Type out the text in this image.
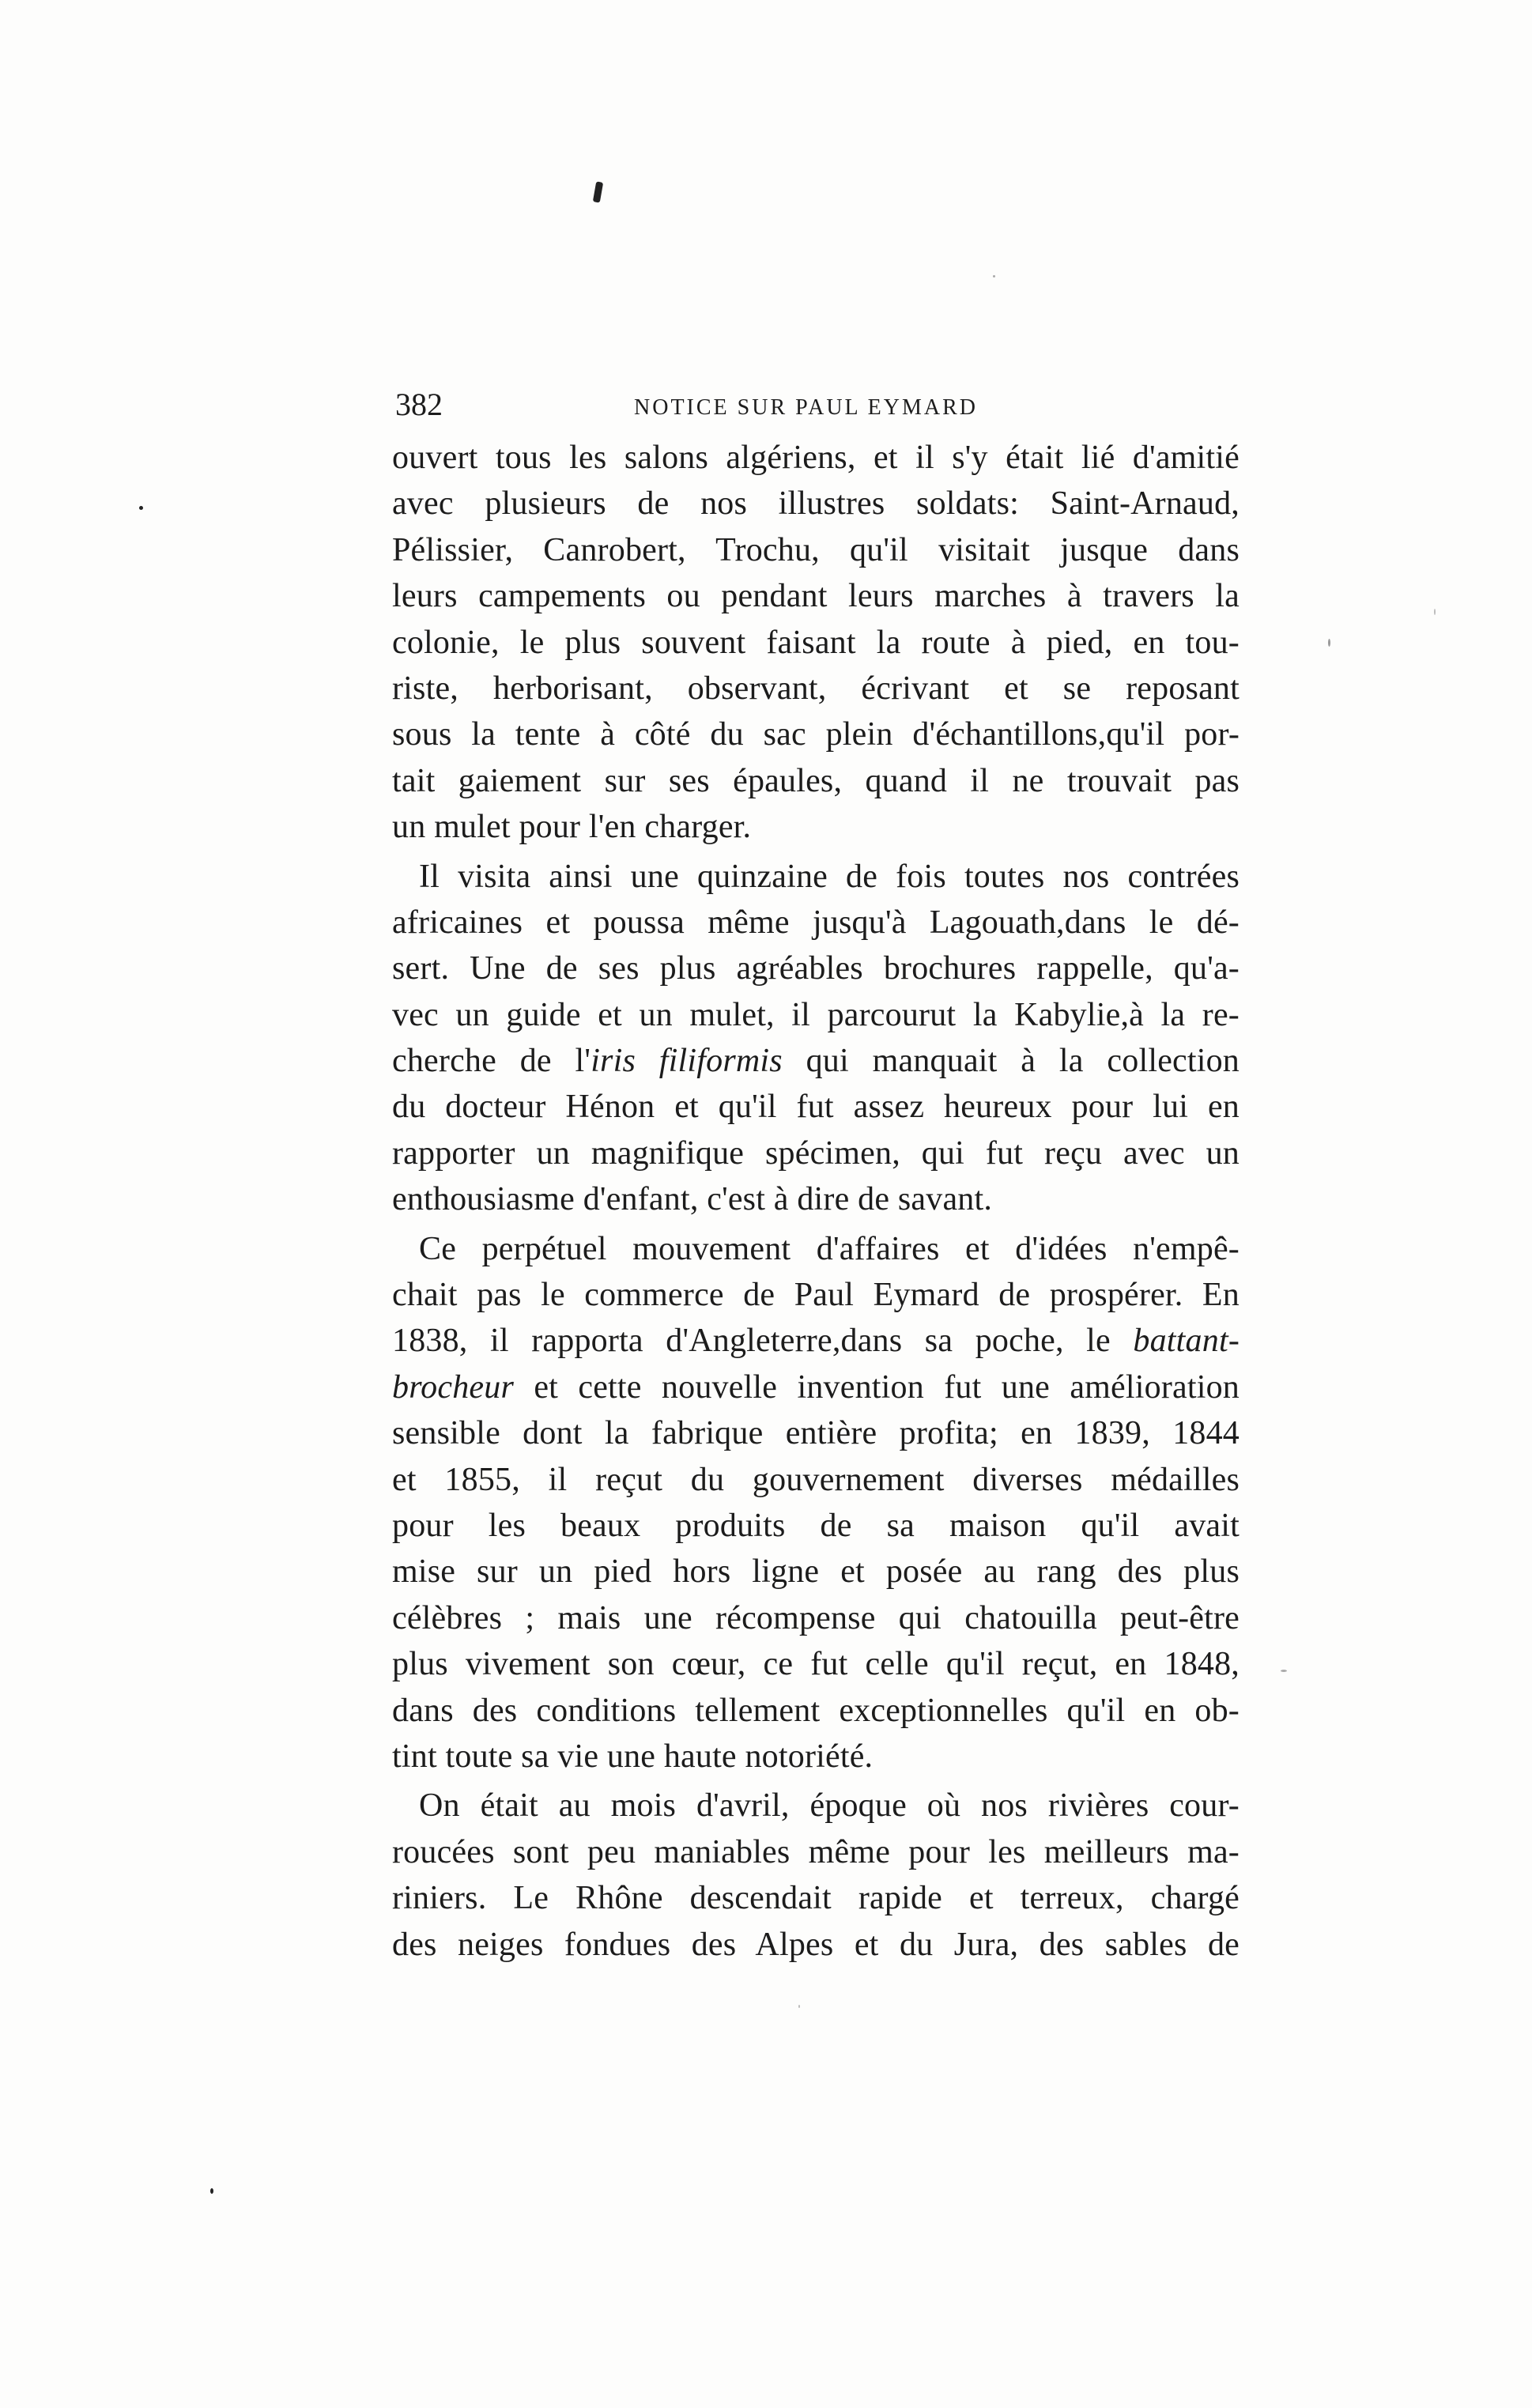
382	NOTICE SUR PAUL EYMARD
ouvert tous les salons algériens, et il s'y était lié d'amitié
avec plusieurs de nos illustres soldats: Saint-Arnaud,
Pélissier, Canrobert, Trochu, qu'il visitait jusque dans
leurs campements ou pendant leurs marches à travers la
colonie, le plus souvent faisant la route à pied, en tou-
riste, herborisant, observant, écrivant et se reposant
sous la tente à côté du sac plein d'échantillons,qu'il por-
tait gaiement sur ses épaules, quand il ne trouvait pas
un mulet pour l'en charger.
Il visita ainsi une quinzaine de fois toutes nos contrées
africaines et poussa même jusqu'à Lagouath,dans le dé-
sert. Une de ses plus agréables brochures rappelle, qu'a-
vec un guide et un mulet, il parcourut la Kabylie,à la re-
cherche de l'iris filiformis qui manquait à la collection
du docteur Hénon et qu'il fut assez heureux pour lui en
rapporter un magnifique spécimen, qui fut reçu avec un
enthousiasme d'enfant, c'est à dire de savant.
Ce perpétuel mouvement d'affaires et d'idées n'empê-
chait pas le commerce de Paul Eymard de prospérer. En
1838, il rapporta d'Angleterre,dans sa poche, le battant-
brocheur et cette nouvelle invention fut une amélioration
sensible dont la fabrique entière profita; en 1839, 1844
et 1855, il reçut du gouvernement diverses médailles
pour les beaux produits de sa maison qu'il avait
mise sur un pied hors ligne et posée au rang des plus
célèbres ; mais une récompense qui chatouilla peut-être
plus vivement son cœur, ce fut celle qu'il reçut, en 1848,
dans des conditions tellement exceptionnelles qu'il en ob-
tint toute sa vie une haute notoriété.
On était au mois d'avril, époque où nos rivières cour-
roucées sont peu maniables même pour les meilleurs ma-
riniers. Le Rhône descendait rapide et terreux, chargé
des neiges fondues des Alpes et du Jura, des sables de
